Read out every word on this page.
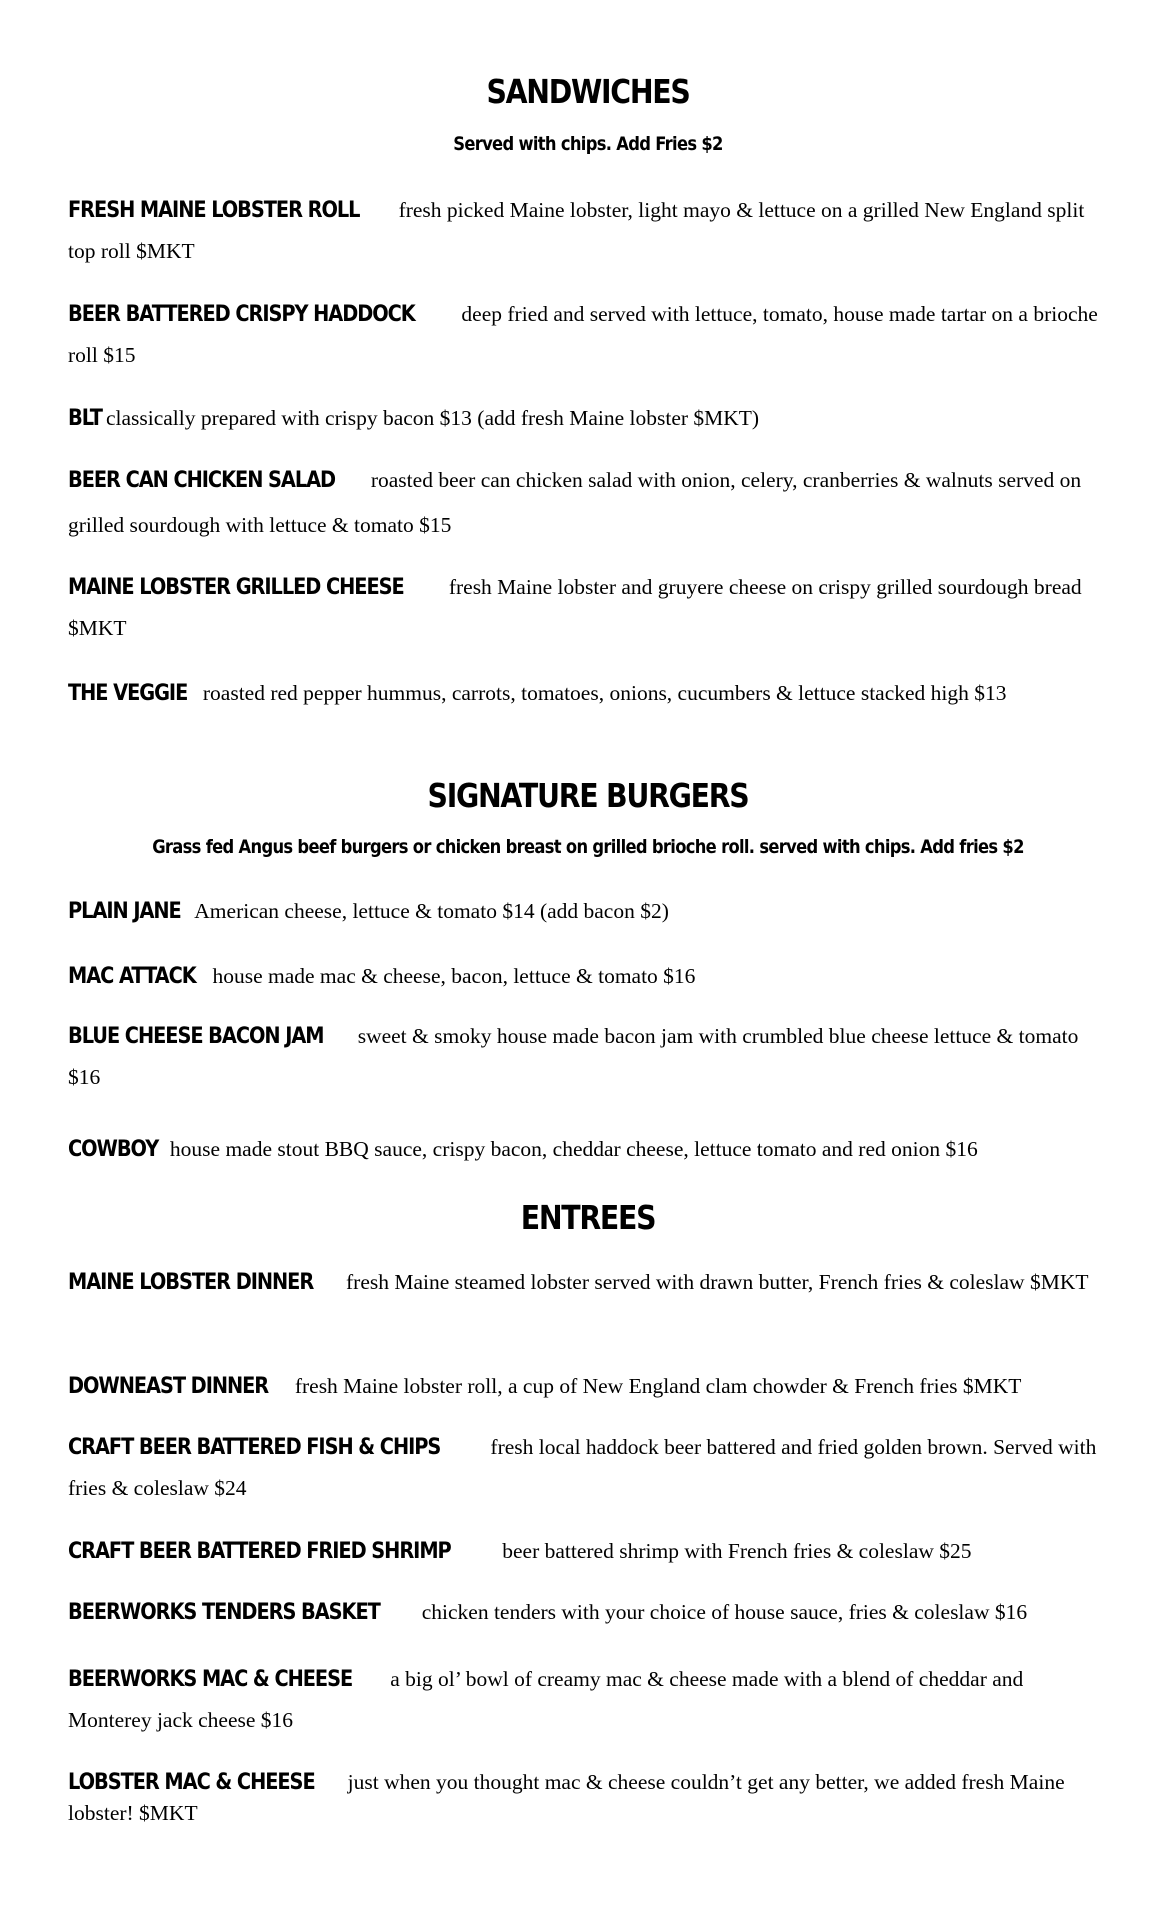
SANDWICHES
Served with chips. Add Fries $2
FRESH MAINE LOBSTER ROLL fresh picked Maine lobster, light mayo & lettuce on a grilled New England split top roll $MKT
BEER BATTERED CRISPY HADDOCK deep fried and served with lettuce, tomato, house made tartar on a brioche roll $15
BLT classically prepared with crispy bacon $13 (add fresh Maine lobster $MKT)
BEER CAN CHICKEN SALAD roasted beer can chicken salad with onion, celery, cranberries & walnuts served on grilled sourdough with lettuce & tomato $15
MAINE LOBSTER GRILLED CHEESE fresh Maine lobster and gruyere cheese on crispy grilled sourdough bread $MKT
THE VEGGIE roasted red pepper hummus, carrots, tomatoes, onions, cucumbers & lettuce stacked high $13
SIGNATURE BURGERS
Grass fed Angus beef burgers or chicken breast on grilled brioche roll. served with chips. Add fries $2
PLAIN JANE American cheese, lettuce & tomato $14 (add bacon $2)
MAC ATTACK house made mac & cheese, bacon, lettuce & tomato $16
BLUE CHEESE BACON JAM sweet & smoky house made bacon jam with crumbled blue cheese lettuce & tomato $16
COWBOY house made stout BBQ sauce, crispy bacon, cheddar cheese, lettuce tomato and red onion $16
ENTREES
MAINE LOBSTER DINNER fresh Maine steamed lobster served with drawn butter, French fries & coleslaw $MKT
DOWNEAST DINNER fresh Maine lobster roll, a cup of New England clam chowder & French fries $MKT
CRAFT BEER BATTERED FISH & CHIPS fresh local haddock beer battered and fried golden brown. Served with fries & coleslaw $24
CRAFT BEER BATTERED FRIED SHRIMP beer battered shrimp with French fries & coleslaw $25
BEERWORKS TENDERS BASKET chicken tenders with your choice of house sauce, fries & coleslaw $16
BEERWORKS MAC & CHEESE a big ol’ bowl of creamy mac & cheese made with a blend of cheddar and Monterey jack cheese $16
LOBSTER MAC & CHEESE just when you thought mac & cheese couldn’t get any better, we added fresh Maine lobster! $MKT
